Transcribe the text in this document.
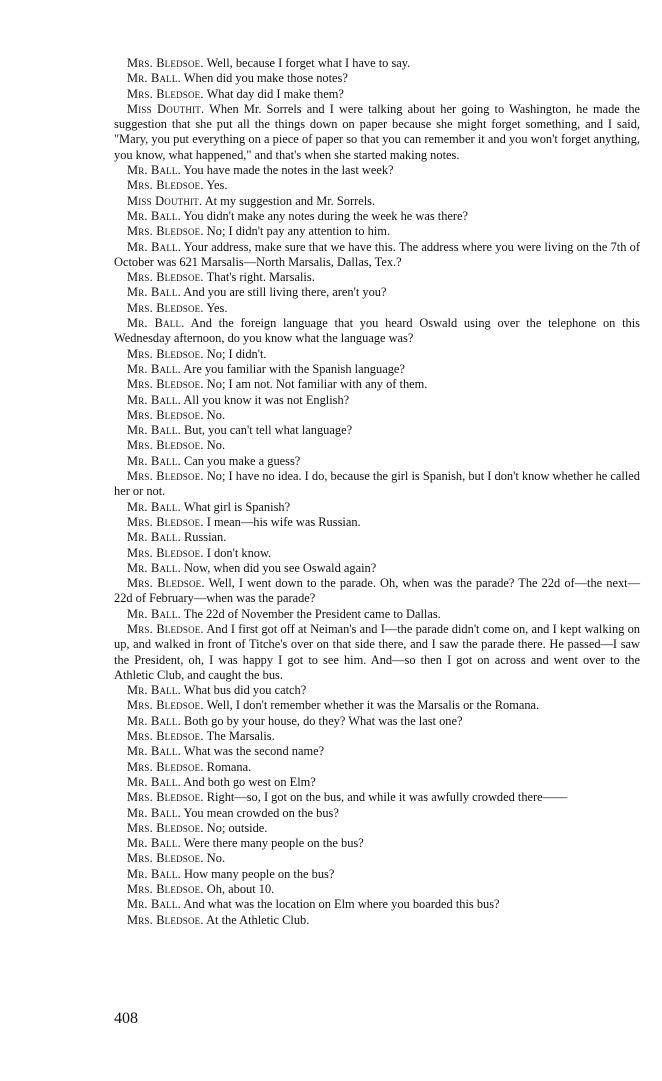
Mrs. Bledsoe. Well, because I forget what I have to say.

Mr. Ball. When did you make those notes?

Mrs. Bledsoe. What day did I make them?

Miss Douthit. When Mr. Sorrels and I were talking about her going to Washington, he made the suggestion that she put all the things down on paper because she might forget something, and I said, "Mary, you put everything on a piece of paper so that you can remember it and you won't forget anything, you know, what happened," and that's when she started making notes.

Mr. Ball. You have made the notes in the last week?

Mrs. Bledsoe. Yes.

Miss Douthit. At my suggestion and Mr. Sorrels.

Mr. Ball. You didn't make any notes during the week he was there?

Mrs. Bledsoe. No; I didn't pay any attention to him.

Mr. Ball. Your address, make sure that we have this. The address where you were living on the 7th of October was 621 Marsalis—North Marsalis, Dallas, Tex.?

Mrs. Bledsoe. That's right. Marsalis.

Mr. Ball. And you are still living there, aren't you?

Mrs. Bledsoe. Yes.

Mr. Ball. And the foreign language that you heard Oswald using over the telephone on this Wednesday afternoon, do you know what the language was?

Mrs. Bledsoe. No; I didn't.

Mr. Ball. Are you familiar with the Spanish language?

Mrs. Bledsoe. No; I am not. Not familiar with any of them.

Mr. Ball. All you know it was not English?

Mrs. Bledsoe. No.

Mr. Ball. But, you can't tell what language?

Mrs. Bledsoe. No.

Mr. Ball. Can you make a guess?

Mrs. Bledsoe. No; I have no idea. I do, because the girl is Spanish, but I don't know whether he called her or not.

Mr. Ball. What girl is Spanish?

Mrs. Bledsoe. I mean—his wife was Russian.

Mr. Ball. Russian.

Mrs. Bledsoe. I don't know.

Mr. Ball. Now, when did you see Oswald again?

Mrs. Bledsoe. Well, I went down to the parade. Oh, when was the parade? The 22d of—the next—22d of February—when was the parade?

Mr. Ball. The 22d of November the President came to Dallas.

Mrs. Bledsoe. And I first got off at Neiman's and I—the parade didn't come on, and I kept walking on up, and walked in front of Titche's over on that side there, and I saw the parade there. He passed—I saw the President, oh, I was happy I got to see him. And—so then I got on across and went over to the Athletic Club, and caught the bus.

Mr. Ball. What bus did you catch?

Mrs. Bledsoe. Well, I don't remember whether it was the Marsalis or the Romana.

Mr. Ball. Both go by your house, do they? What was the last one?

Mrs. Bledsoe. The Marsalis.

Mr. Ball. What was the second name?

Mrs. Bledsoe. Romana.

Mr. Ball. And both go west on Elm?

Mrs. Bledsoe. Right—so, I got on the bus, and while it was awfully crowded there——

Mr. Ball. You mean crowded on the bus?

Mrs. Bledsoe. No; outside.

Mr. Ball. Were there many people on the bus?

Mrs. Bledsoe. No.

Mr. Ball. How many people on the bus?

Mrs. Bledsoe. Oh, about 10.

Mr. Ball. And what was the location on Elm where you boarded this bus?

Mrs. Bledsoe. At the Athletic Club.

408
